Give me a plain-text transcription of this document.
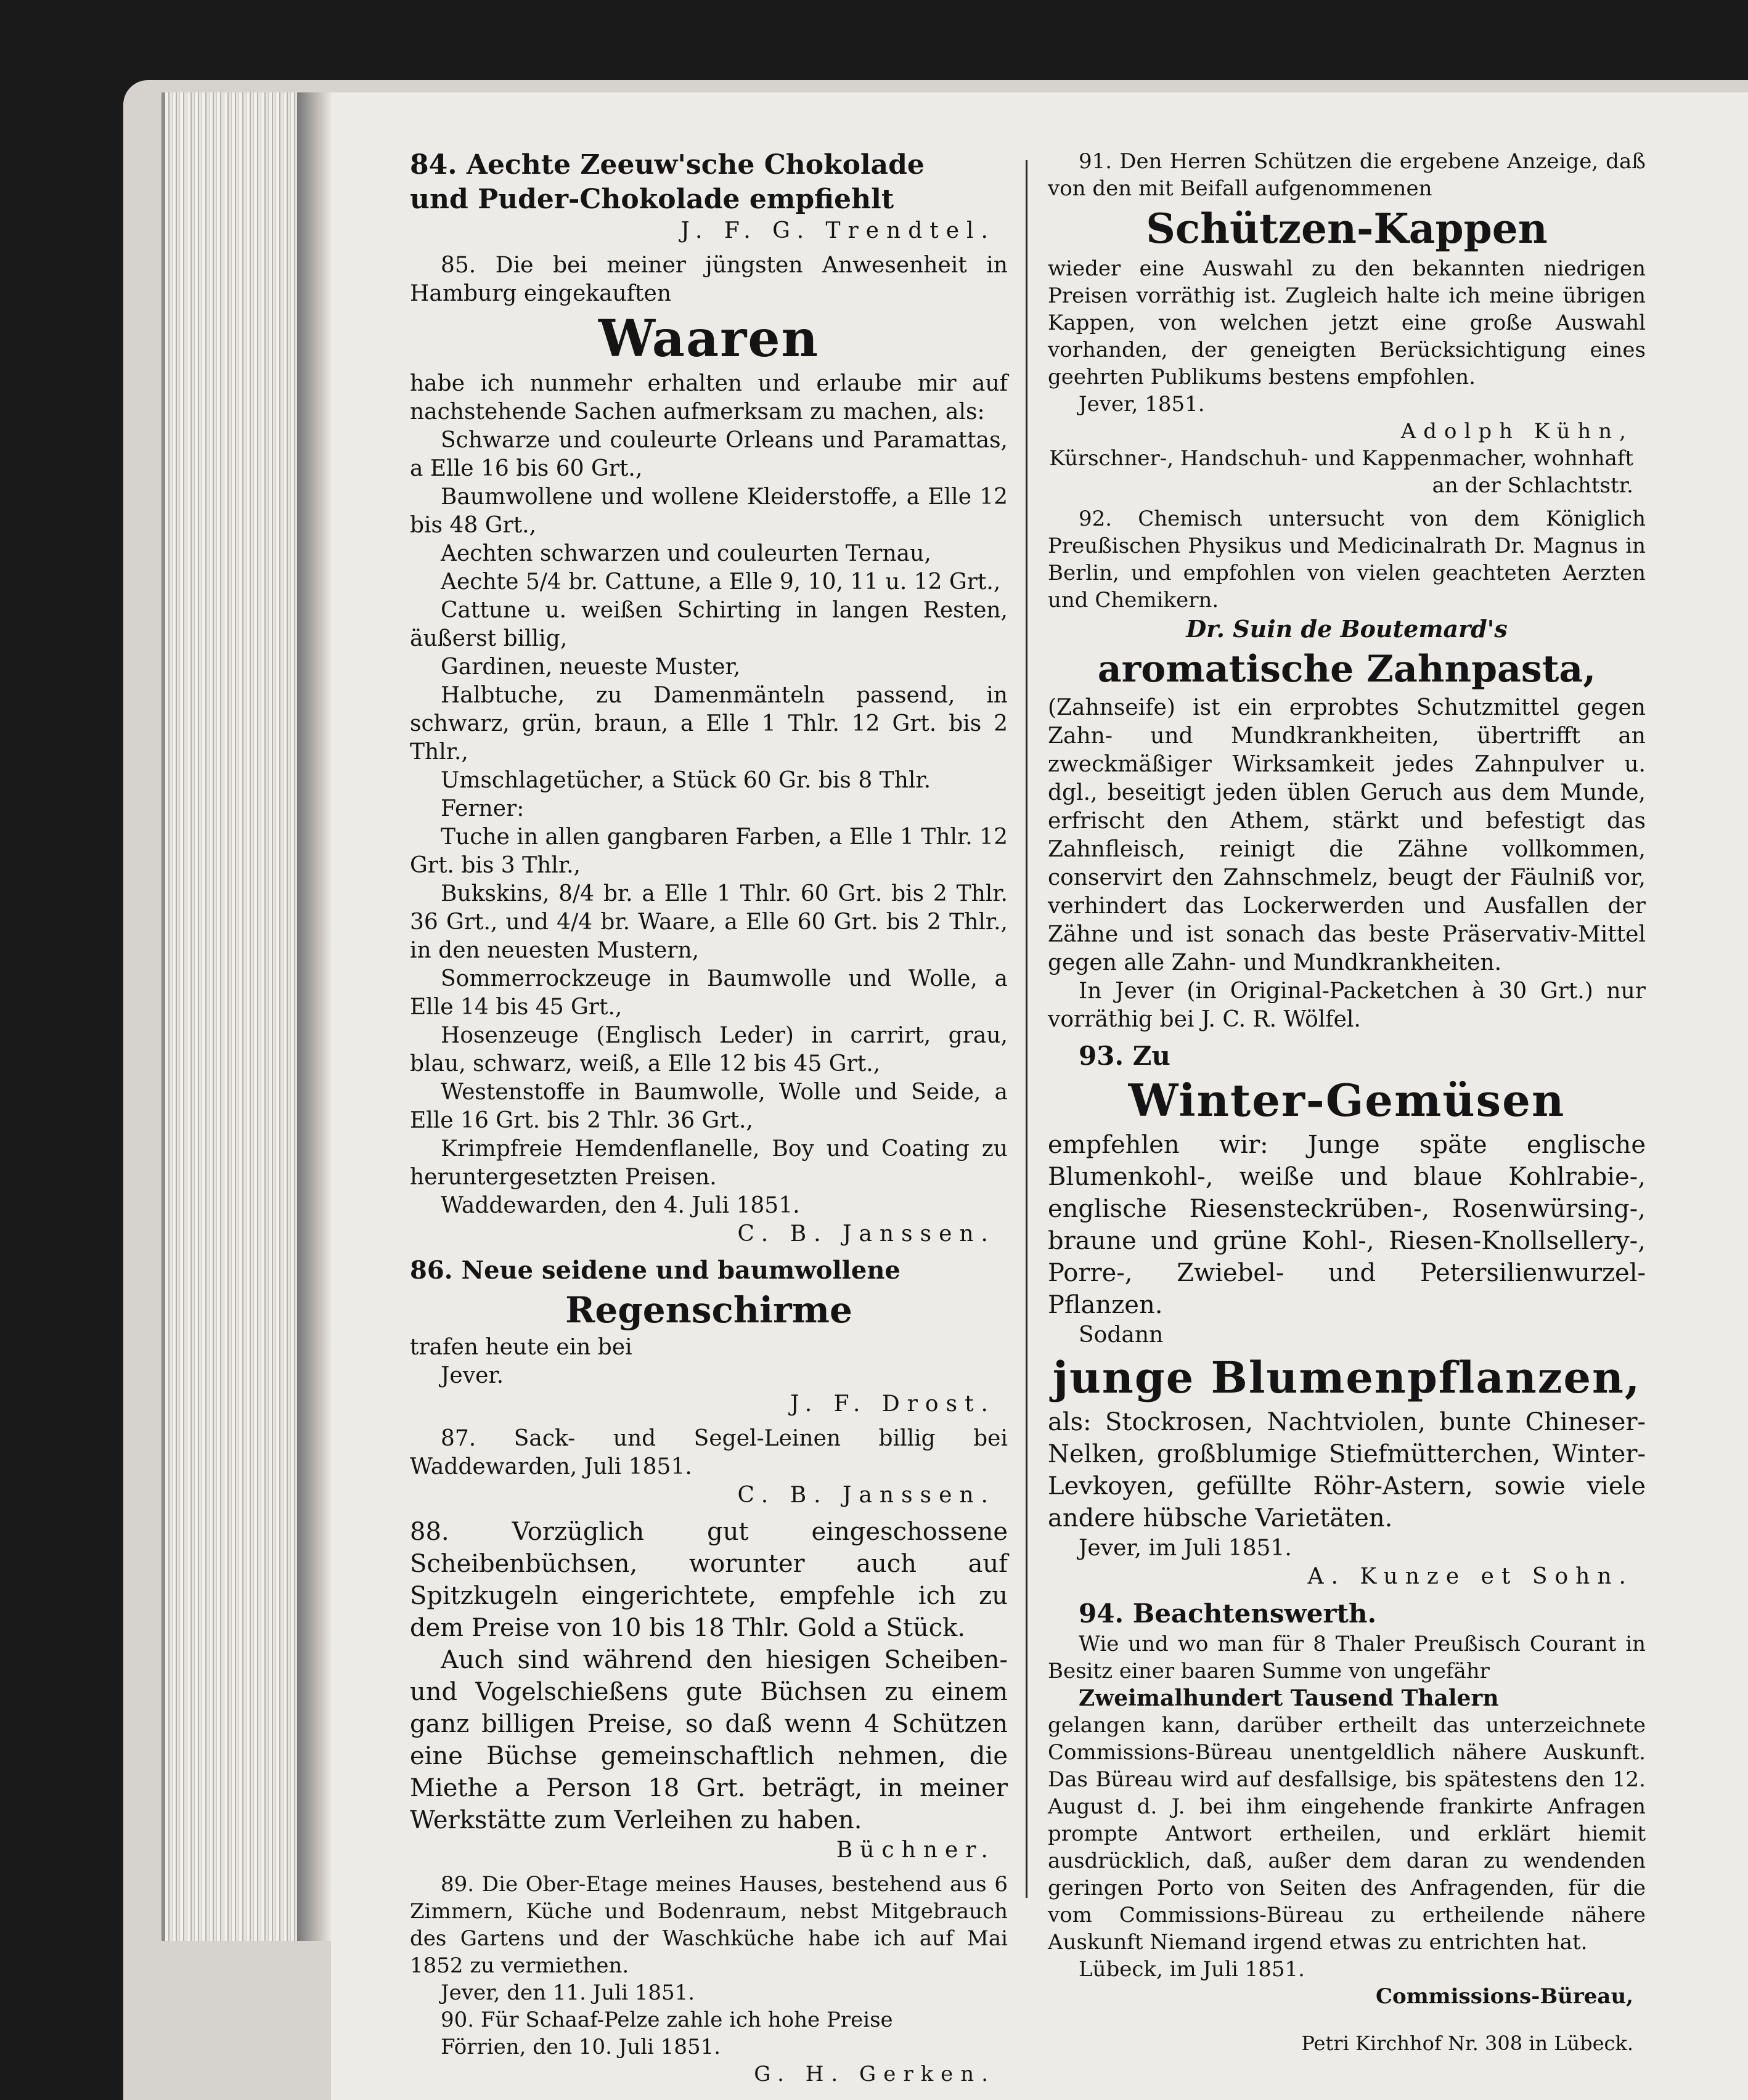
84. Aechte Zeeuw'sche Chokolade

und Puder-Chokolade empfiehlt

J. F. G. Trendtel.

85. Die bei meiner jüngsten Anwesenheit in Hamburg eingekauften

Waaren

habe ich nunmehr erhalten und erlaube mir auf nachstehende Sachen aufmerksam zu machen, als:

Schwarze und couleurte Orleans und Paramattas, a Elle 16 bis 60 Grt.,

Baumwollene und wollene Kleiderstoffe, a Elle 12 bis 48 Grt.,

Aechten schwarzen und couleurten Ternau,

Aechte 5/4 br. Cattune, a Elle 9, 10, 11 u. 12 Grt.,

Cattune u. weißen Schirting in langen Resten, äußerst billig,

Gardinen, neueste Muster,

Halbtuche, zu Damenmänteln passend, in schwarz, grün, braun, a Elle 1 Thlr. 12 Grt. bis 2 Thlr.,

Umschlagetücher, a Stück 60 Gr. bis 8 Thlr.

Ferner:

Tuche in allen gangbaren Farben, a Elle 1 Thlr. 12 Grt. bis 3 Thlr.,

Bukskins, 8/4 br. a Elle 1 Thlr. 60 Grt. bis 2 Thlr. 36 Grt., und 4/4 br. Waare, a Elle 60 Grt. bis 2 Thlr., in den neuesten Mustern,

Sommerrockzeuge in Baumwolle und Wolle, a Elle 14 bis 45 Grt.,

Hosenzeuge (Englisch Leder) in carrirt, grau, blau, schwarz, weiß, a Elle 12 bis 45 Grt.,

Westenstoffe in Baumwolle, Wolle und Seide, a Elle 16 Grt. bis 2 Thlr. 36 Grt.,

Krimpfreie Hemdenflanelle, Boy und Coating zu heruntergesetzten Preisen.

Waddewarden, den 4. Juli 1851.

C. B. Janssen.

86. Neue seidene und baumwollene

Regenschirme

trafen heute ein bei

Jever.

J. F. Drost.

87. Sack- und Segel-Leinen billig bei Waddewarden, Juli 1851.

C. B. Janssen.

88. Vorzüglich gut eingeschossene Scheibenbüchsen, worunter auch auf Spitzkugeln eingerichtete, empfehle ich zu dem Preise von 10 bis 18 Thlr. Gold a Stück.

Auch sind während den hiesigen Scheiben- und Vogelschießens gute Büchsen zu einem ganz billigen Preise, so daß wenn 4 Schützen eine Büchse gemeinschaftlich nehmen, die Miethe a Person 18 Grt. beträgt, in meiner Werkstätte zum Verleihen zu haben.

Büchner.

89. Die Ober-Etage meines Hauses, bestehend aus 6 Zimmern, Küche und Bodenraum, nebst Mitgebrauch des Gartens und der Waschküche habe ich auf Mai 1852 zu vermiethen.

Jever, den 11. Juli 1851.

90. Für Schaaf-Pelze zahle ich hohe Preise

Förrien, den 10. Juli 1851.

G. H. Gerken.

91. Den Herren Schützen die ergebene Anzeige, daß von den mit Beifall aufgenommenen

Schützen-Kappen

wieder eine Auswahl zu den bekannten niedrigen Preisen vorräthig ist. Zugleich halte ich meine übrigen Kappen, von welchen jetzt eine große Auswahl vorhanden, der geneigten Berücksichtigung eines geehrten Publikums bestens empfohlen.

Jever, 1851.

Adolph Kühn,

Kürschner-, Handschuh- und Kappenmacher, wohnhaft an der Schlachtstr.

92. Chemisch untersucht von dem Königlich Preußischen Physikus und Medicinalrath Dr. Magnus in Berlin, und empfohlen von vielen geachteten Aerzten und Chemikern.

Dr. Suin de Boutemard's

aromatische Zahnpasta,

(Zahnseife) ist ein erprobtes Schutzmittel gegen Zahn- und Mundkrankheiten, übertrifft an zweckmäßiger Wirksamkeit jedes Zahnpulver u. dgl., beseitigt jeden üblen Geruch aus dem Munde, erfrischt den Athem, stärkt und befestigt das Zahnfleisch, reinigt die Zähne vollkommen, conservirt den Zahnschmelz, beugt der Fäulniß vor, verhindert das Lockerwerden und Ausfallen der Zähne und ist sonach das beste Präservativ-Mittel gegen alle Zahn- und Mundkrankheiten.

In Jever (in Original-Packetchen à 30 Grt.) nur vorräthig bei J. C. R. Wölfel.

93. Zu

Winter-Gemüsen

empfehlen wir: Junge späte englische Blumenkohl-, weiße und blaue Kohlrabie-, englische Riesensteckrüben-, Rosenwürsing-, braune und grüne Kohl-, Riesen-Knollsellery-, Porre-, Zwiebel- und Petersilienwurzel-Pflanzen.

Sodann

junge Blumenpflanzen,

als: Stockrosen, Nachtviolen, bunte Chineser-Nelken, großblumige Stiefmütterchen, Winter-Levkoyen, gefüllte Röhr-Astern, sowie viele andere hübsche Varietäten.

Jever, im Juli 1851.

A. Kunze et Sohn.

94. Beachtenswerth.

Wie und wo man für 8 Thaler Preußisch Courant in Besitz einer baaren Summe von ungefähr

Zweimalhundert Tausend Thalern

gelangen kann, darüber ertheilt das unterzeichnete Commissions-Büreau unentgeldlich nähere Auskunft. Das Büreau wird auf desfallsige, bis spätestens den 12. August d. J. bei ihm eingehende frankirte Anfragen prompte Antwort ertheilen, und erklärt hiemit ausdrücklich, daß, außer dem daran zu wendenden geringen Porto von Seiten des Anfragenden, für die vom Commissions-Büreau zu ertheilende nähere Auskunft Niemand irgend etwas zu entrichten hat.

Lübeck, im Juli 1851.

Commissions-Büreau,

Petri Kirchhof Nr. 308 in Lübeck.
